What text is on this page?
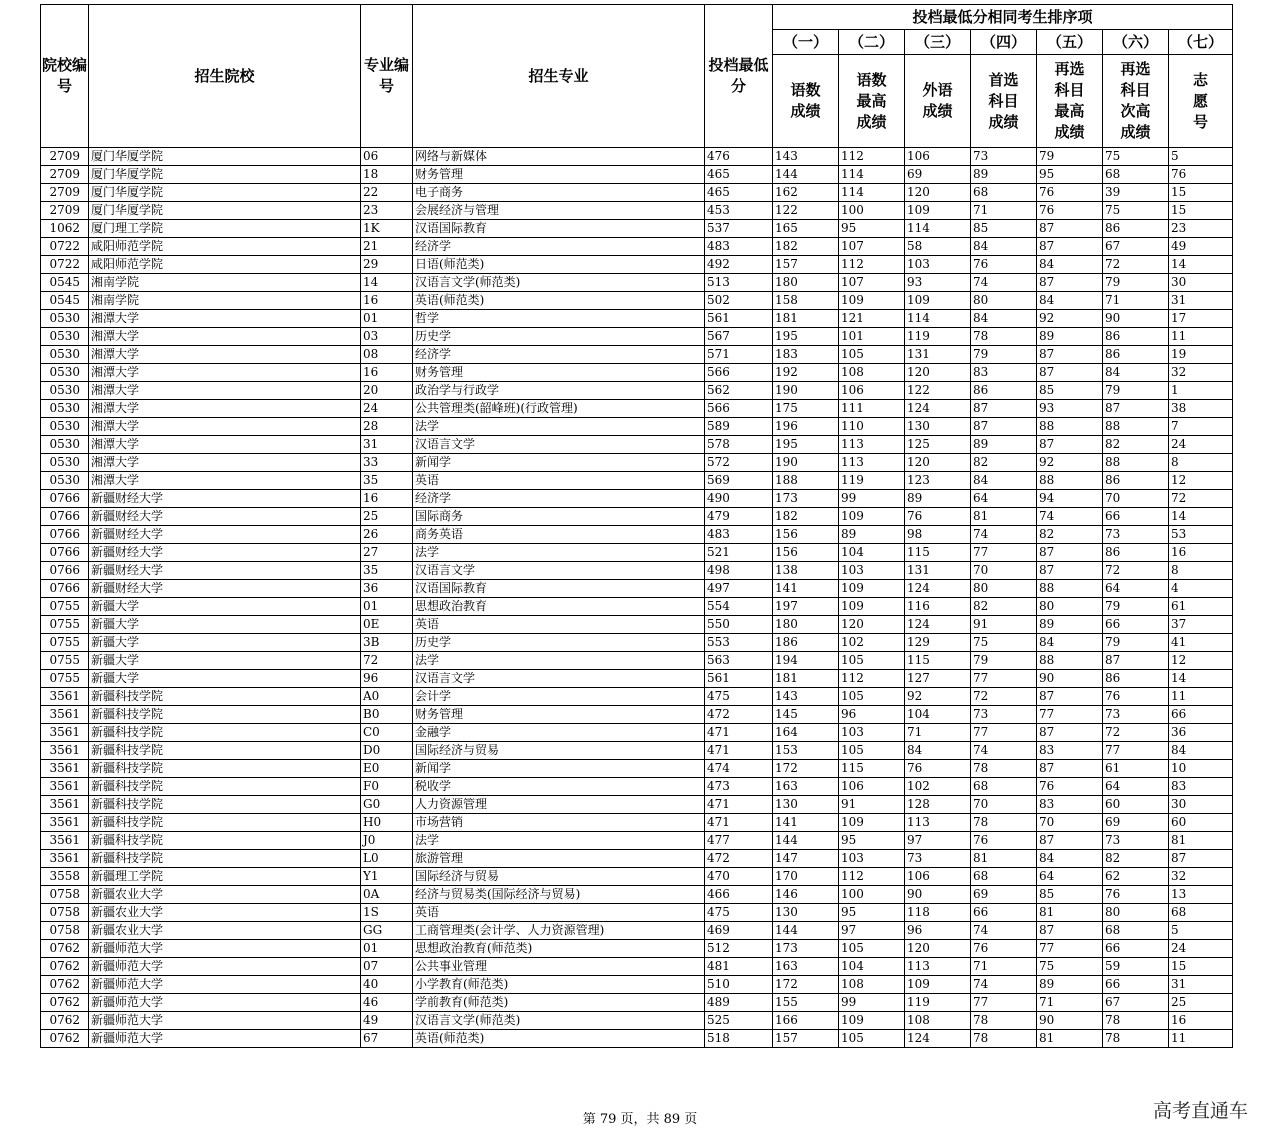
院校编号	招生院校	专业编号	招生专业	投档最低分	投档最低分相同考生排序项						
					（一）	（二）	（三）	（四）	（五）	（六）	（七）
					语数成绩	语数最高成绩	外语成绩	首选科目成绩	再选科目最高成绩	再选科目次高成绩	志愿号
2709	厦门华厦学院	06	网络与新媒体	476	143	112	106	73	79	75	5
2709	厦门华厦学院	18	财务管理	465	144	114	69	89	95	68	76
2709	厦门华厦学院	22	电子商务	465	162	114	120	68	76	39	15
2709	厦门华厦学院	23	会展经济与管理	453	122	100	109	71	76	75	15
1062	厦门理工学院	1K	汉语国际教育	537	165	95	114	85	87	86	23
0722	咸阳师范学院	21	经济学	483	182	107	58	84	87	67	49
0722	咸阳师范学院	29	日语(师范类)	492	157	112	103	76	84	72	14
0545	湘南学院	14	汉语言文学(师范类)	513	180	107	93	74	87	79	30
0545	湘南学院	16	英语(师范类)	502	158	109	109	80	84	71	31
0530	湘潭大学	01	哲学	561	181	121	114	84	92	90	17
0530	湘潭大学	03	历史学	567	195	101	119	78	89	86	11
0530	湘潭大学	08	经济学	571	183	105	131	79	87	86	19
0530	湘潭大学	16	财务管理	566	192	108	120	83	87	84	32
0530	湘潭大学	20	政治学与行政学	562	190	106	122	86	85	79	1
0530	湘潭大学	24	公共管理类(韶峰班)(行政管理)	566	175	111	124	87	93	87	38
0530	湘潭大学	28	法学	589	196	110	130	87	88	88	7
0530	湘潭大学	31	汉语言文学	578	195	113	125	89	87	82	24
0530	湘潭大学	33	新闻学	572	190	113	120	82	92	88	8
0530	湘潭大学	35	英语	569	188	119	123	84	88	86	12
0766	新疆财经大学	16	经济学	490	173	99	89	64	94	70	72
0766	新疆财经大学	25	国际商务	479	182	109	76	81	74	66	14
0766	新疆财经大学	26	商务英语	483	156	89	98	74	82	73	53
0766	新疆财经大学	27	法学	521	156	104	115	77	87	86	16
0766	新疆财经大学	35	汉语言文学	498	138	103	131	70	87	72	8
0766	新疆财经大学	36	汉语国际教育	497	141	109	124	80	88	64	4
0755	新疆大学	01	思想政治教育	554	197	109	116	82	80	79	61
0755	新疆大学	0E	英语	550	180	120	124	91	89	66	37
0755	新疆大学	3B	历史学	553	186	102	129	75	84	79	41
0755	新疆大学	72	法学	563	194	105	115	79	88	87	12
0755	新疆大学	96	汉语言文学	561	181	112	127	77	90	86	14
3561	新疆科技学院	A0	会计学	475	143	105	92	72	87	76	11
3561	新疆科技学院	B0	财务管理	472	145	96	104	73	77	73	66
3561	新疆科技学院	C0	金融学	471	164	103	71	77	87	72	36
3561	新疆科技学院	D0	国际经济与贸易	471	153	105	84	74	83	77	84
3561	新疆科技学院	E0	新闻学	474	172	115	76	78	87	61	10
3561	新疆科技学院	F0	税收学	473	163	106	102	68	76	64	83
3561	新疆科技学院	G0	人力资源管理	471	130	91	128	70	83	60	30
3561	新疆科技学院	H0	市场营销	471	141	109	113	78	70	69	60
3561	新疆科技学院	J0	法学	477	144	95	97	76	87	73	81
3561	新疆科技学院	L0	旅游管理	472	147	103	73	81	84	82	87
3558	新疆理工学院	Y1	国际经济与贸易	470	170	112	106	68	64	62	32
0758	新疆农业大学	0A	经济与贸易类(国际经济与贸易)	466	146	100	90	69	85	76	13
0758	新疆农业大学	1S	英语	475	130	95	118	66	81	80	68
0758	新疆农业大学	GG	工商管理类(会计学、人力资源管理)	469	144	97	96	74	87	68	5
0762	新疆师范大学	01	思想政治教育(师范类)	512	173	105	120	76	77	66	24
0762	新疆师范大学	07	公共事业管理	481	163	104	113	71	75	59	15
0762	新疆师范大学	40	小学教育(师范类)	510	172	108	109	74	89	66	31
0762	新疆师范大学	46	学前教育(师范类)	489	155	99	119	77	71	67	25
0762	新疆师范大学	49	汉语言文学(师范类)	525	166	109	108	78	90	78	16
0762	新疆师范大学	67	英语(师范类)	518	157	105	124	78	81	78	11
第 79 页，共 89 页	高考直通车
